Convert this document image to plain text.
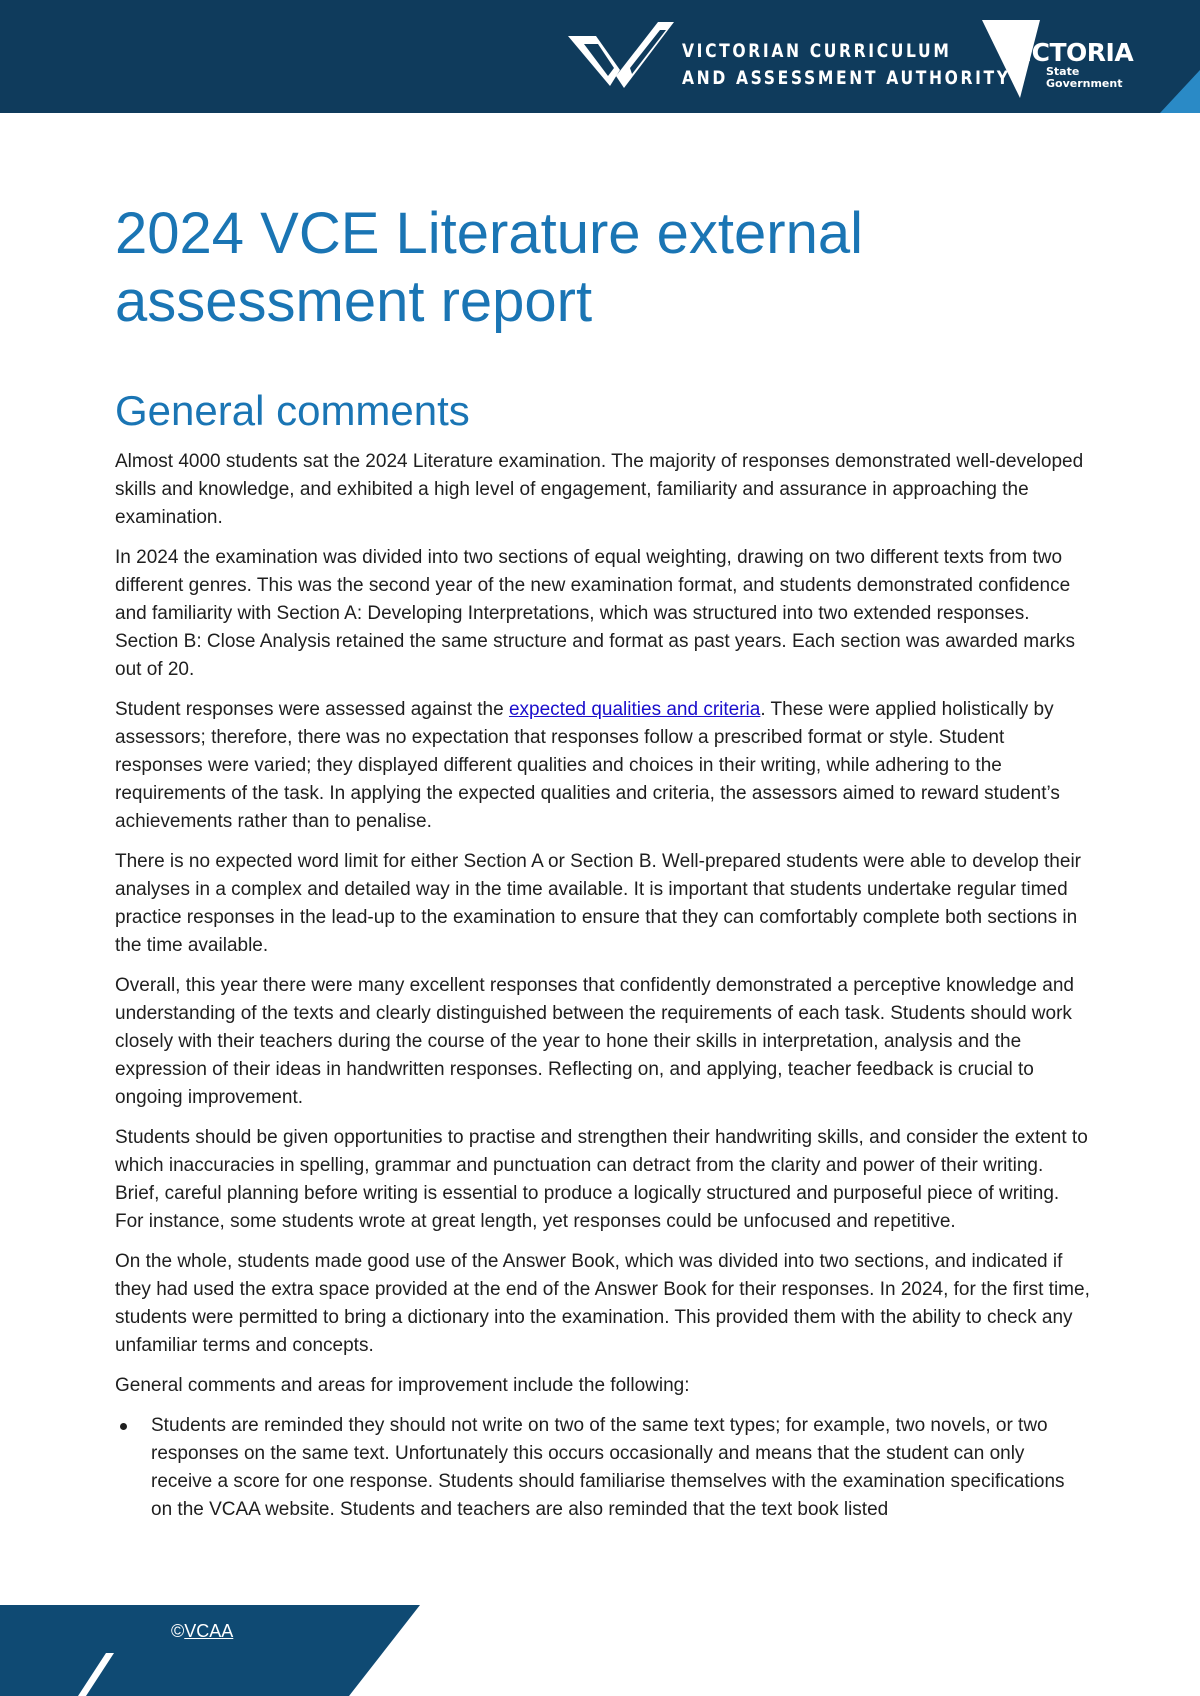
VICTORIAN CURRICULUM
AND ASSESSMENT AUTHORITY
VICTORIA
State
Government
2024 VCE Literature external
assessment report
General comments

Almost 4000 students sat the 2024 Literature examination. The majority of responses demonstrated well-developed skills and knowledge, and exhibited a high level of engagement, familiarity and assurance in approaching the examination.

In 2024 the examination was divided into two sections of equal weighting, drawing on two different texts from two different genres. This was the second year of the new examination format, and students demonstrated confidence and familiarity with Section A: Developing Interpretations, which was structured into two extended responses. Section B: Close Analysis retained the same structure and format as past years. Each section was awarded marks out of 20.

Student responses were assessed against the expected qualities and criteria. These were applied holistically by assessors; therefore, there was no expectation that responses follow a prescribed format or style. Student responses were varied; they displayed different qualities and choices in their writing, while adhering to the requirements of the task. In applying the expected qualities and criteria, the assessors aimed to reward student’s achievements rather than to penalise.

There is no expected word limit for either Section A or Section B. Well-prepared students were able to develop their analyses in a complex and detailed way in the time available. It is important that students undertake regular timed practice responses in the lead-up to the examination to ensure that they can comfortably complete both sections in the time available.

Overall, this year there were many excellent responses that confidently demonstrated a perceptive knowledge and understanding of the texts and clearly distinguished between the requirements of each task. Students should work closely with their teachers during the course of the year to hone their skills in interpretation, analysis and the expression of their ideas in handwritten responses. Reflecting on, and applying, teacher feedback is crucial to ongoing improvement.

Students should be given opportunities to practise and strengthen their handwriting skills, and consider the extent to which inaccuracies in spelling, grammar and punctuation can detract from the clarity and power of their writing. Brief, careful planning before writing is essential to produce a logically structured and purposeful piece of writing. For instance, some students wrote at great length, yet responses could be unfocused and repetitive.

On the whole, students made good use of the Answer Book, which was divided into two sections, and indicated if they had used the extra space provided at the end of the Answer Book for their responses. In 2024, for the first time, students were permitted to bring a dictionary into the examination. This provided them with the ability to check any unfamiliar terms and concepts.

General comments and areas for improvement include the following:

Students are reminded they should not write on two of the same text types; for example, two novels, or two responses on the same text. Unfortunately this occurs occasionally and means that the student can only receive a score for one response. Students should familiarise themselves with the examination specifications on the VCAA website. Students and teachers are also reminded that the text book listed
©VCAA
